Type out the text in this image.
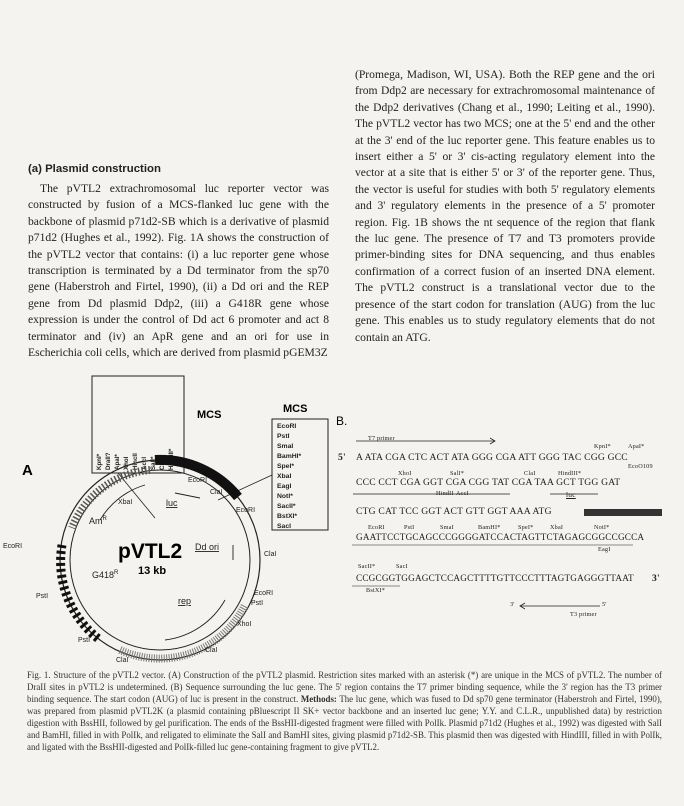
(a) Plasmid construction

The pVTL2 extrachromosomal luc reporter vector was constructed by fusion of a MCS-flanked luc gene with the backbone of plasmid p71d2-SB which is a derivative of plasmid p71d2 (Hughes et al., 1992). Fig. 1A shows the construction of the pVTL2 vector that contains: (i) a luc reporter gene whose transcription is terminated by a Dd terminator from the sp70 gene (Haberstroh and Firtel, 1990), (ii) a Dd ori and the REP gene from Dd plasmid Ddp2, (iii) a G418R gene whose expression is under the control of Dd act 6 promoter and act 8 terminator and (iv) an ApR gene and an ori for use in Escherichia coli cells, which are derived from plasmid pGEM3Z

(Promega, Madison, WI, USA). Both the REP gene and the ori from Ddp2 are necessary for extrachromosomal maintenance of the Ddp2 derivatives (Chang et al., 1990; Leiting et al., 1990). The pVTL2 vector has two MCS; one at the 5' end and the other at the 3' end of the luc reporter gene. This feature enables us to insert either a 5' or 3' cis-acting regulatory element into the vector at a site that is either 5' or 3' of the reporter gene. Thus, the vector is useful for studies with both 5' regulatory elements and 3' regulatory elements in the presence of a 5' promoter region. Fig. 1B shows the nt sequence of the region that flank the luc gene. The presence of T7 and T3 promoters provide primer-binding sites for DNA sequencing, and thus enables confirmation of a correct fusion of an inserted DNA element. The pVTL2 construct is a translational vector due to the presence of the start codon for translation (AUG) from the luc gene. This enables us to study regulatory elements that do not contain an ATG.

KpnI* DraII? ApaI* XhoI HincII AccI SalI* ClaI HindIII*
MCS	MCS
EcoRI
PstI
SmaI
BamHI*
SpeI*
XbaI
EagI
NotI*
SacII*
BstXI*
SacI
XbaI
EcoRI
ClaI
EcoRI
luc
$Am^R$
Dd ori
EcoRI
ClaI
$G418^R$
PstI	rep
EcoRI
PstI
XhoI
PstI
ClaI
ClaI
pVTL2
13 kb
A
B.
T7 primer
5' A ATA CGA CTC ACT ATA GGG CGA ATT GGG TAC CGG GCC
KpnI*	ApaI*
EcoO109
XhoI	SalI*	ClaI	HindIII*
CCC CCT CGA GGT CGA CGG TAT CGA TAA GCT TGG GAT
HindII AccI	luc
CTG CAT TCC GGT ACT GTT GGT AAA ATG
EcoRI	PstI	SmaI	BamHI*	SpeI*	XbaI	NotI*
GAATTCCTGCAGCCCGGGGATCCACTAGTTCTAGAGCGGCCGCCA
EagI
SacII*	SacI
CCGCGGTGGAGCTCCAGCTTTTGTTCCCTTTAGTGAGGGTTAAT 3'
BstXI*
3'	5'
T3 primer
Fig. 1. Structure of the pVTL2 vector. (A) Construction of the pVTL2 plasmid. Restriction sites marked with an asterisk (*) are unique in the MCS of pVTL2. The number of DraII sites in pVTL2 is undetermined. (B) Sequence surrounding the luc gene. The 5' region contains the T7 primer binding sequence, while the 3' region has the T3 primer binding sequence. The start codon (AUG) of luc is present in the construct. Methods: The luc gene, which was fused to Dd sp70 gene terminator (Haberstroh and Firtel, 1990), was prepared from plasmid pVTL2K (a plasmid containing pBluescript II SK+ vector backbone and an inserted luc gene; Y.Y. and C.L.R., unpublished data) by restriction digestion with BssHII, followed by gel purification. The ends of the BssHII-digested fragment were filled with PolIk. Plasmid p71d2 (Hughes et al., 1992) was digested with SalI and BamHI, filled in with PolIk, and religated to eliminate the SalI and BamHI sites, giving plasmid p71d2-SB. This plasmid then was digested with HindIII, filled in with PolIk, and ligated with the BssHII-digested and PolIk-filled luc gene-containing fragment to give pVTL2.
